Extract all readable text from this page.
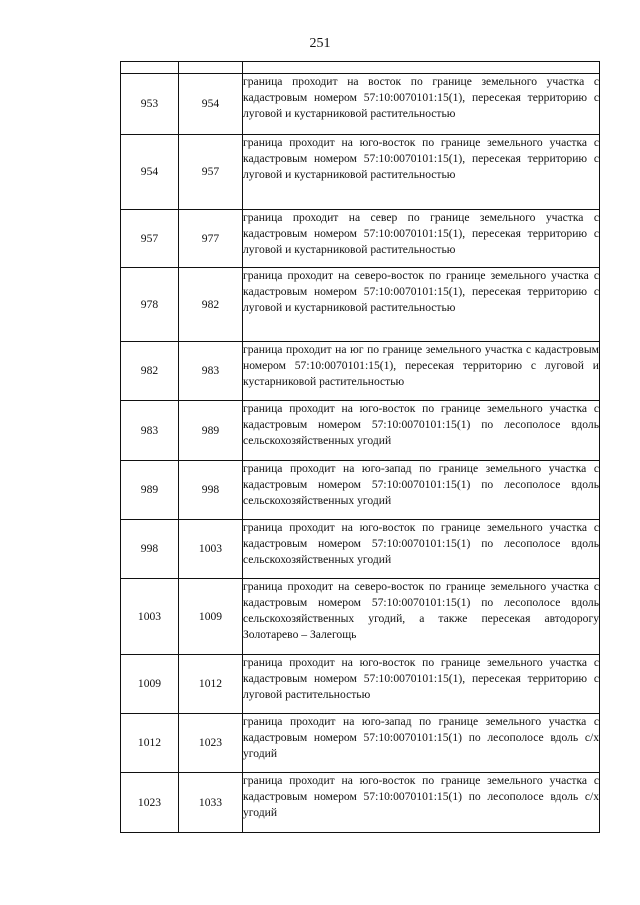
251

953	954	граница проходит на восток по границе земельного участка с кадастровым номером 57:10:0070101:15(1), пересекая территорию с луговой и кустарниковой растительностью

954	957	граница проходит на юго-восток по границе земельного участка с кадастровым номером 57:10:0070101:15(1), пересекая территорию с луговой и кустарниковой растительностью

957	977	граница проходит на север по границе земельного участка с кадастровым номером 57:10:0070101:15(1), пересекая территорию с луговой и кустарниковой растительностью

978	982	граница проходит на северо-восток по границе земельного участка с кадастровым номером 57:10:0070101:15(1), пересекая территорию с луговой и кустарниковой растительностью

982	983	граница проходит на юг по границе земельного участка с кадастровым номером 57:10:0070101:15(1), пересекая территорию с луговой и кустарниковой растительностью

983	989	граница проходит на юго-восток по границе земельного участка с кадастровым номером 57:10:0070101:15(1) по лесополосе вдоль сельскохозяйственных угодий

989	998	граница проходит на юго-запад по границе земельного участка с кадастровым номером 57:10:0070101:15(1) по лесополосе вдоль сельскохозяйственных угодий

998	1003	граница проходит на юго-восток по границе земельного участка с кадастровым номером 57:10:0070101:15(1) по лесополосе вдоль сельскохозяйственных угодий

1003	1009	граница проходит на северо-восток по границе земельного участка с кадастровым номером 57:10:0070101:15(1) по лесополосе вдоль сельскохозяйственных угодий, а также пересекая автодорогу Золотарево – Залегощь

1009	1012	граница проходит на юго-восток по границе земельного участка с кадастровым номером 57:10:0070101:15(1), пересекая территорию с луговой растительностью

1012	1023	граница проходит на юго-запад по границе земельного участка с кадастровым номером 57:10:0070101:15(1) по лесополосе вдоль с/х угодий

1023	1033	граница проходит на юго-восток по границе земельного участка с кадастровым номером 57:10:0070101:15(1) по лесополосе вдоль с/х угодий
